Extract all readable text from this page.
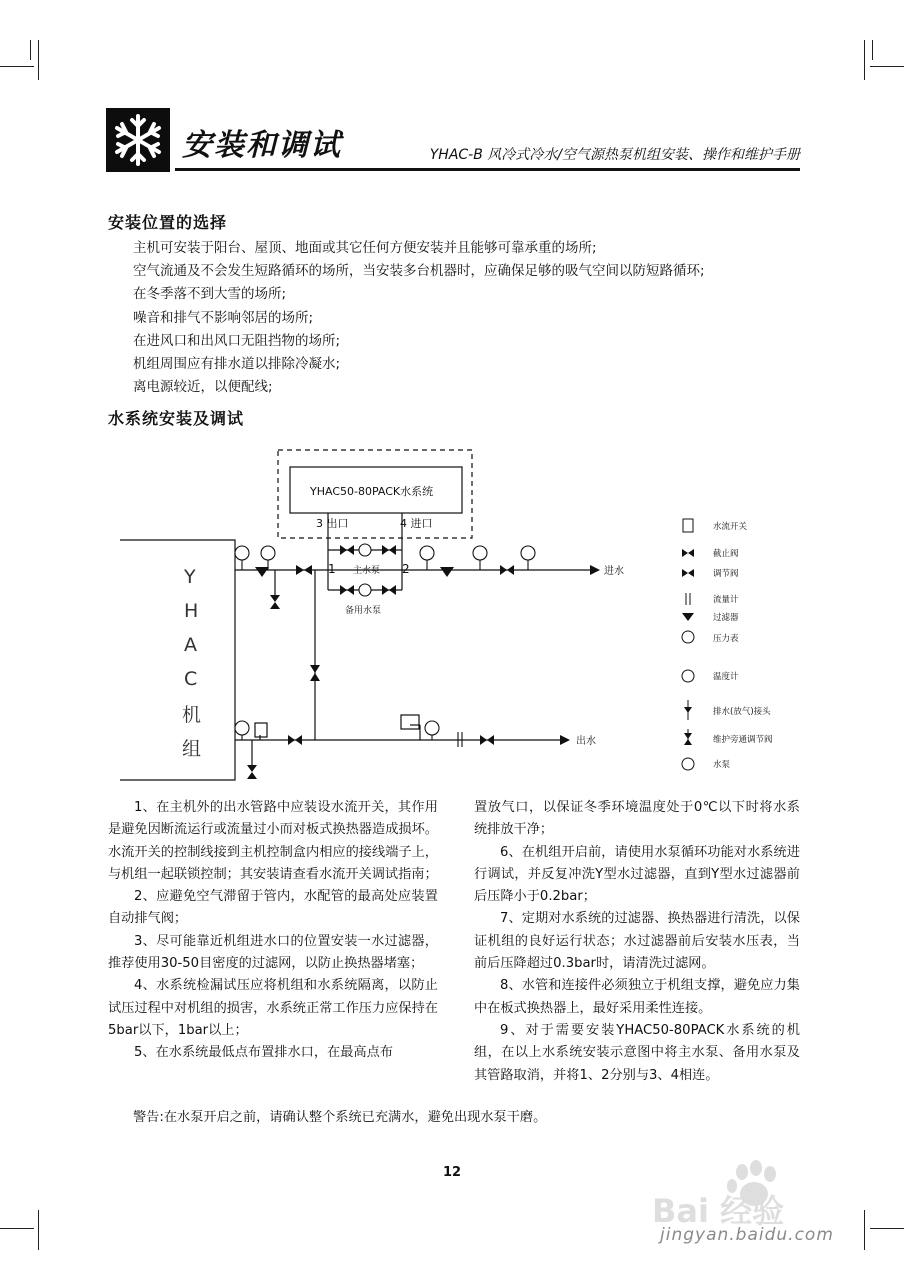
安装和调试	YHAC-B 风冷式冷水/空气源热泵机组安装、操作和维护手册
安装位置的选择
主机可安装于阳台、屋顶、地面或其它任何方便安装并且能够可靠承重的场所;
空气流通及不会发生短路循环的场所，当安装多台机器时，应确保足够的吸气空间以防短路循环;
在冬季落不到大雪的场所;
噪音和排气不影响邻居的场所;
在进风口和出风口无阻挡物的场所;
机组周围应有排水道以排除冷凝水;
离电源较近，以便配线;
水系统安装及调试
YHAC50-80PACK水系统
3 出口	4 进口
1	2
主水泵
备用水泵
进水
出水
Y
H
A
C
机
组
水流开关
截止阀
调节阀
流量计
过滤器
压力表
温度计
排水(放气)接头
维护旁通调节阀
水泵

1、在主机外的出水管路中应装设水流开关，其作用是避免因断流运行或流量过小而对板式换热器造成损坏。水流开关的控制线接到主机控制盒内相应的接线端子上，与机组一起联锁控制；其安装请查看水流开关调试指南；

2、应避免空气滞留于管内，水配管的最高处应装置自动排气阀；

3、尽可能靠近机组进水口的位置安装一水过滤器，推荐使用30-50目密度的过滤网，以防止换热器堵塞；

4、水系统检漏试压应将机组和水系统隔离，以防止试压过程中对机组的损害，水系统正常工作压力应保持在5bar以下，1bar以上；

5、在水系统最低点布置排水口，在最高点布

置放气口，以保证冬季环境温度处于0℃以下时将水系统排放干净；

6、在机组开启前，请使用水泵循环功能对水系统进行调试，并反复冲洗Y型水过滤器，直到Y型水过滤器前后压降小于0.2bar；

7、定期对水系统的过滤器、换热器进行清洗，以保证机组的良好运行状态；水过滤器前后安装水压表，当前后压降超过0.3bar时，请清洗过滤网。

8、水管和连接件必须独立于机组支撑，避免应力集中在板式换热器上，最好采用柔性连接。

9、对于需要安装YHAC50-80PACK水系统的机组，在以上水系统安装示意图中将主水泵、备用水泵及其管路取消，并将1、2分别与3、4相连。

警告:在水泵开启之前，请确认整个系统已充满水，避免出现水泵干磨。
12
Bai 经验
jingyan.baidu.com
